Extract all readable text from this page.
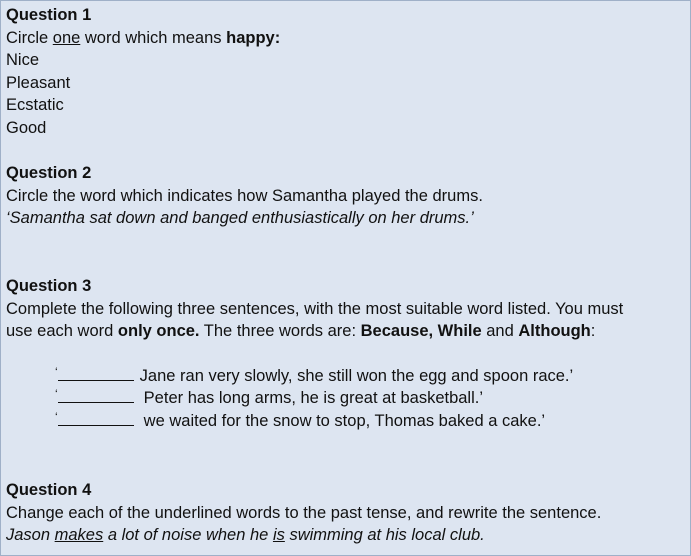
Question 1
Circle one word which means happy:
Nice
Pleasant
Ecstatic
Good
Question 2
Circle the word which indicates how Samantha played the drums.
‘Samantha sat down and banged enthusiastically on her drums.’
Question 3
Complete the following three sentences, with the most suitable word listed. You must
use each word only once. The three words are: Because, While and Although:
‘	Jane ran very slowly, she still won the egg and spoon race.’
‘	Peter has long arms, he is great at basketball.’
‘	we waited for the snow to stop, Thomas baked a cake.’
Question 4
Change each of the underlined words to the past tense, and rewrite the sentence.
Jason makes a lot of noise when he is swimming at his local club.
